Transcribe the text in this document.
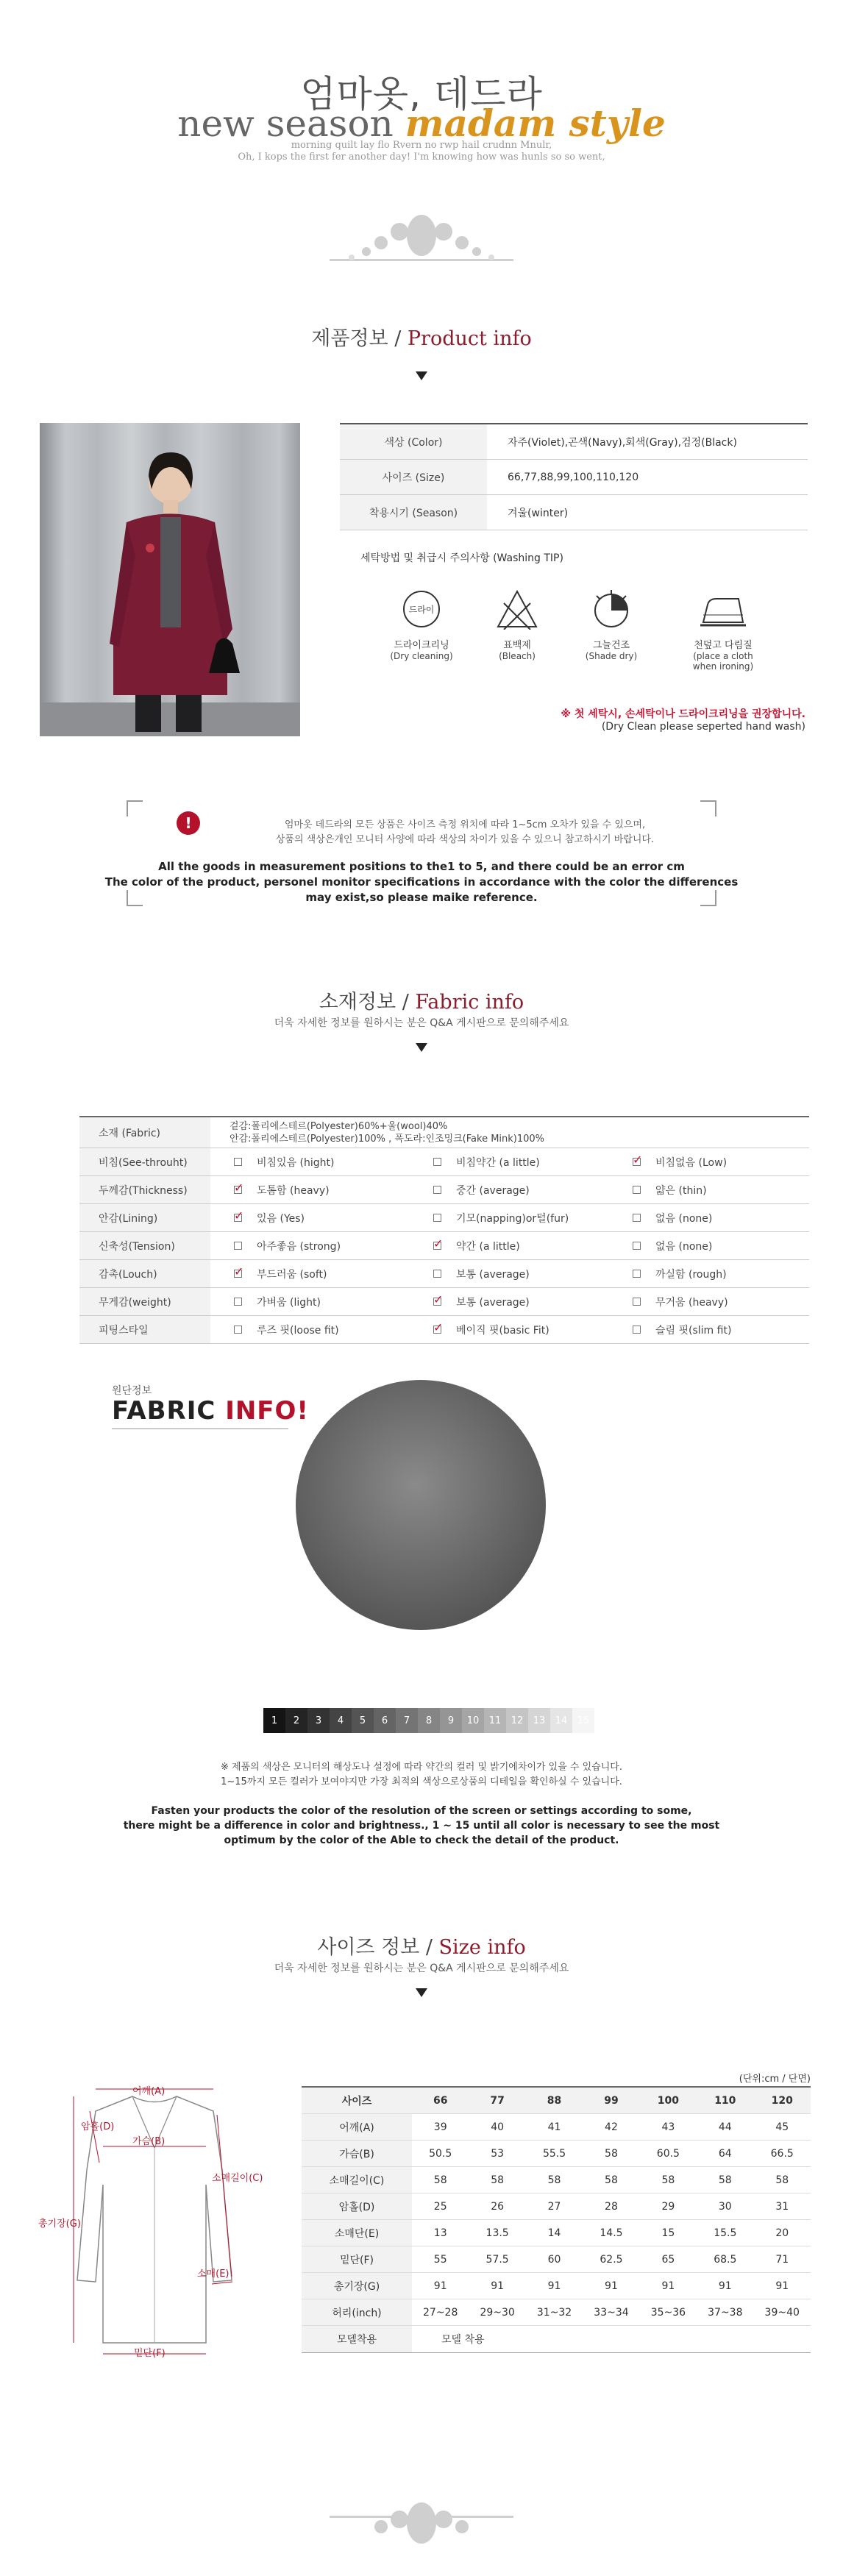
엄마옷, 데드라
new season madam style
morning quilt lay flo Rvern no rwp hail crudnn Mnulr,
Oh, I kops the first fer another day! I'm knowing how was hunls so so went,
제품정보 / Product info
색상 (Color)	자주(Violet),곤색(Navy),회색(Gray),검정(Black)
사이즈 (Size)	66,77,88,99,100,110,120
착용시기 (Season)	겨울(winter)
세탁방법 및 취급시 주의사항 (Washing TIP)
드라이
드라이크리닝
(Dry cleaning)
표백제
(Bleach)
그늘건조
(Shade dry)
천덮고 다림질
(place a cloth
when ironing)
※ 첫 세탁시, 손세탁이나 드라이크리닝을 권장합니다.
(Dry Clean please seperted hand wash)
!	엄마옷 데드라의 모든 상품은 사이즈 측정 위치에 따라 1~5cm 오차가 있을 수 있으며,
상품의 색상은개인 모니터 사양에 따라 색상의 차이가 있을 수 있으니 참고하시기 바랍니다.
All the goods in measurement positions to the1 to 5, and there could be an error cm
The color of the product, personel monitor specifications in accordance with the color the differences
may exist,so please maike reference.
소재정보 / Fabric info
더욱 자세한 정보를 원하시는 분은 Q&A 게시판으로 문의해주세요
소재 (Fabric)
겉감:폴리에스테르(Polyester)60%+울(wool)40%
안감:폴리에스테르(Polyester)100% , 폭도라:인조밍크(Fake Mink)100%
비침(See-throuht)	비침있음 (hight)	비침약간 (a little) ✓	비침없음 (Low)
두께감(Thickness) ✓	도톰함 (heavy)	중간 (average)	얇은 (thin)
안감(Lining) ✓	있음 (Yes)	기모(napping)or털(fur)	없음 (none)
신축성(Tension)	아주좋음 (strong) ✓	약간 (a little)	없음 (none)
감촉(Louch) ✓	부드러움 (soft)	보통 (average)	까실함 (rough)
무게감(weight)	가벼움 (light) ✓	보통 (average)	무거움 (heavy)
피팅스타일	루즈 핏(loose fit) ✓	베이직 핏(basic Fit)	슬림 핏(slim fit)
원단정보
FABRIC INFO!
1	2	3	4	5	6	7	8	9	10	11	12	13	14	15
※ 제품의 색상은 모니터의 해상도나 설정에 따라 약간의 컬러 및 밝기에차이가 있을 수 있습니다.
1~15까지 모든 컬러가 보여야지만 가장 최적의 색상으로상품의 디테일을 확인하실 수 있습니다.
Fasten your products the color of the resolution of the screen or settings according to some,
there might be a difference in color and brightness., 1 ~ 15 until all color is necessary to see the most
optimum by the color of the Able to check the detail of the product.
사이즈 정보 / Size info
더욱 자세한 정보를 원하시는 분은 Q&A 게시판으로 문의해주세요
어깨(A)
암홀(D)
가슴(B)
소매길이(C)
총기장(G)
소매(E)
밑단(F)
(단위:cm / 단면)
사이즈	66	77	88	99	100	110	120
어깨(A)	39	40	41	42	43	44	45
가슴(B)	50.5	53	55.5	58	60.5	64	66.5
소매길이(C)	58	58	58	58	58	58	58
암홀(D)	25	26	27	28	29	30	31
소매단(E)	13	13.5	14	14.5	15	15.5	20
밑단(F)	55	57.5	60	62.5	65	68.5	71
총기장(G)	91	91	91	91	91	91	91
허리(inch)	27~28	29~30	31~32	33~34	35~36	37~38	39~40
모델착용	모델 착용
